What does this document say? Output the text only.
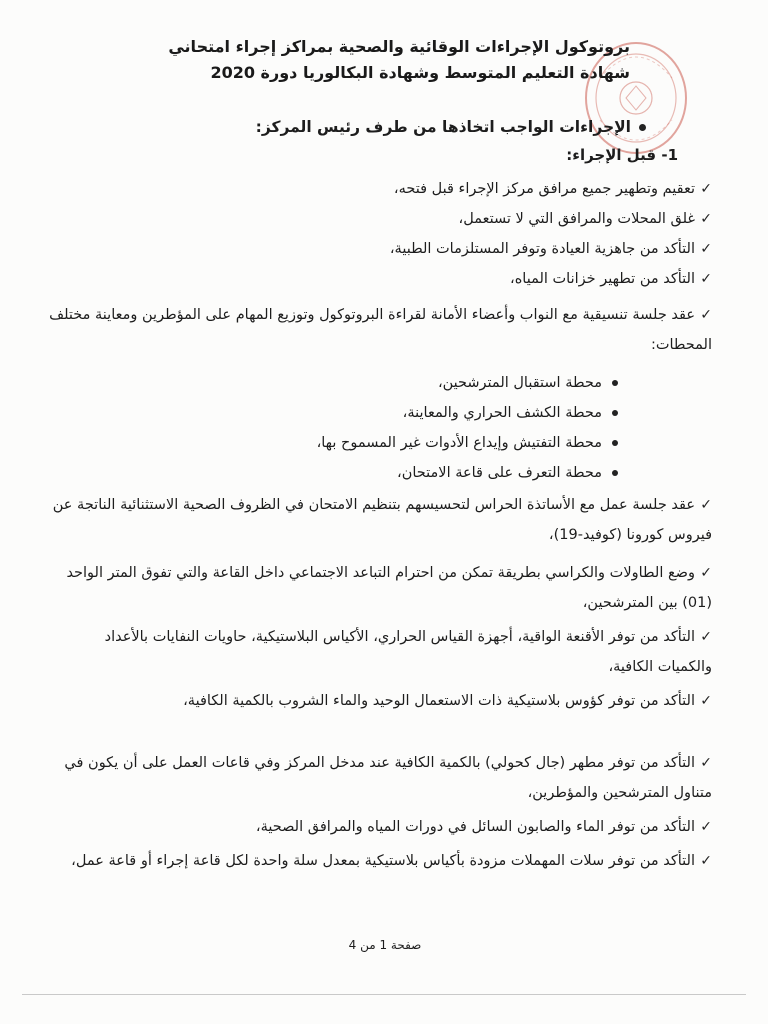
بروتوكول الإجراءات الوقائية والصحية بمراكز إجراء امتحاني
شهادة التعليم المتوسط وشهادة البكالوريا دورة 2020
الإجراءات الواجب اتخاذها من طرف رئيس المركز:
1- قبل الإجراء:
✓تعقيم وتطهير جميع مرافق مركز الإجراء قبل فتحه،
✓غلق المحلات والمرافق التي لا تستعمل،
✓التأكد من جاهزية العيادة وتوفر المستلزمات الطبية،
✓التأكد من تطهير خزانات المياه،
✓عقد جلسة تنسيقية مع النواب وأعضاء الأمانة لقراءة البروتوكول وتوزيع المهام على المؤطرين ومعاينة مختلف المحطات:
محطة استقبال المترشحين،
محطة الكشف الحراري والمعاينة،
محطة التفتيش وإيداع الأدوات غير المسموح بها،
محطة التعرف على قاعة الامتحان،
✓عقد جلسة عمل مع الأساتذة الحراس لتحسيسهم بتنظيم الامتحان في الظروف الصحية الاستثنائية الناتجة عن فيروس كورونا (كوفيد-19)،
✓وضع الطاولات والكراسي بطريقة تمكن من احترام التباعد الاجتماعي داخل القاعة والتي تفوق المتر الواحد (01) بين المترشحين،
✓التأكد من توفر الأقنعة الواقية، أجهزة القياس الحراري، الأكياس البلاستيكية، حاويات النفايات بالأعداد والكميات الكافية،
✓التأكد من توفر كؤوس بلاستيكية ذات الاستعمال الوحيد والماء الشروب بالكمية الكافية،
✓التأكد من توفر مطهر (جال كحولي) بالكمية الكافية عند مدخل المركز وفي قاعات العمل على أن يكون في متناول المترشحين والمؤطرين،
✓التأكد من توفر الماء والصابون السائل في دورات المياه والمرافق الصحية،
✓التأكد من توفر سلات المهملات مزودة بأكياس بلاستيكية بمعدل سلة واحدة لكل قاعة إجراء أو قاعة عمل،
صفحة 1 من 4
